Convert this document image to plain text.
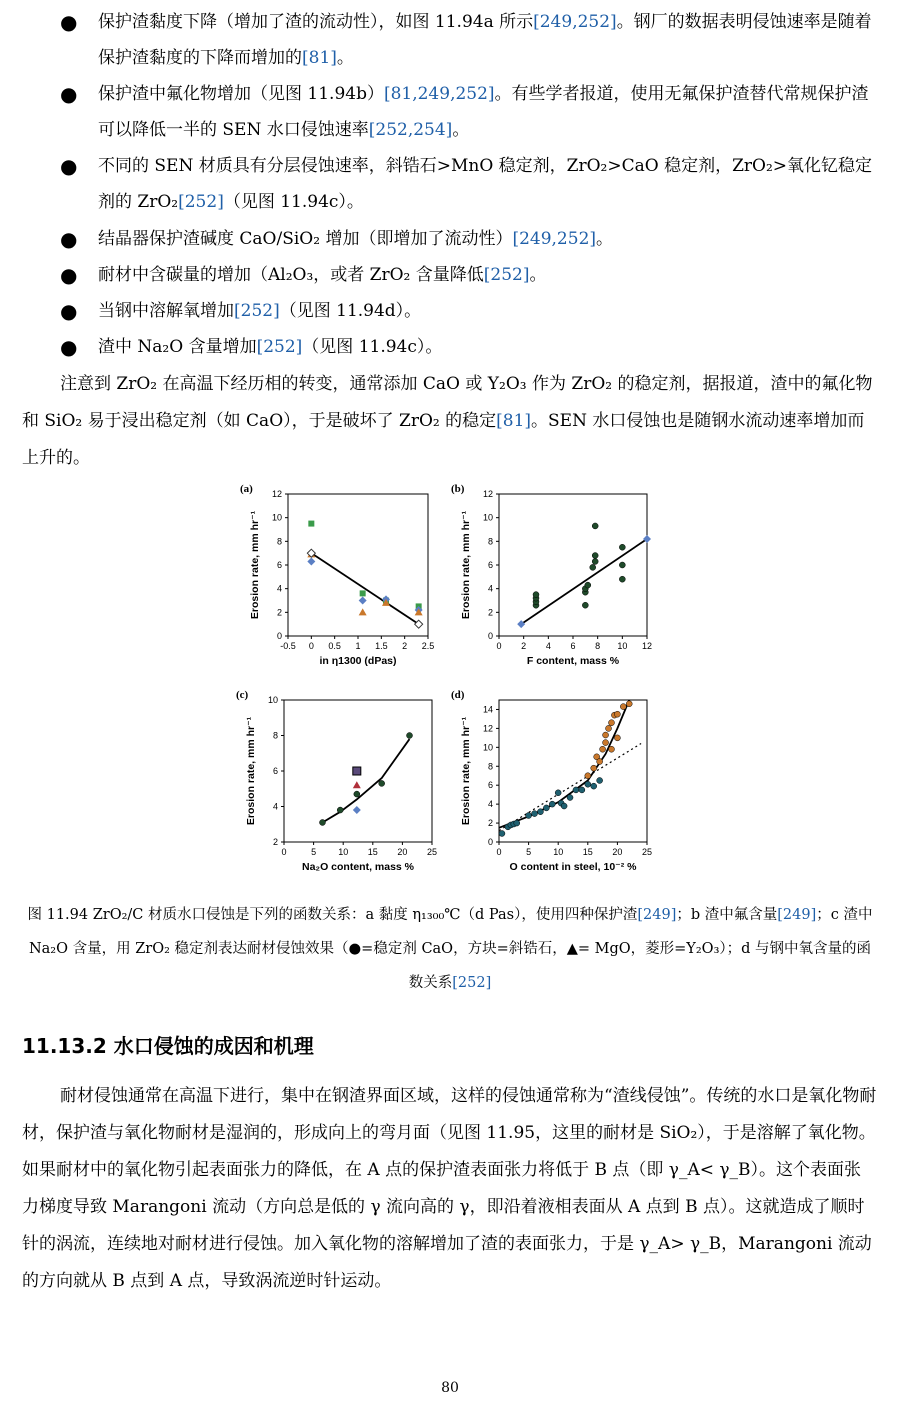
● 保护渣黏度下降（增加了渣的流动性），如图 11.94a 所示[249,252]。钢厂的数据表明侵蚀速率是随着保护渣黏度的下降而增加的[81]。
● 保护渣中氟化物增加（见图 11.94b）[81,249,252]。有些学者报道，使用无氟保护渣替代常规保护渣可以降低一半的 SEN 水口侵蚀速率[252,254]。
● 不同的 SEN 材质具有分层侵蚀速率，斜锆石>MnO 稳定剂，ZrO₂>CaO 稳定剂，ZrO₂>氧化钇稳定剂的 ZrO₂[252]（见图 11.94c）。
● 结晶器保护渣碱度 CaO/SiO₂ 增加（即增加了流动性）[249,252]。
● 耐材中含碳量的增加（Al₂O₃，或者 ZrO₂ 含量降低[252]。
● 当钢中溶解氧增加[252]（见图 11.94d）。
● 渣中 Na₂O 含量增加[252]（见图 11.94c）。
注意到 ZrO₂ 在高温下经历相的转变，通常添加 CaO 或 Y₂O₃ 作为 ZrO₂ 的稳定剂，据报道，渣中的氟化物和 SiO₂ 易于浸出稳定剂（如 CaO），于是破坏了 ZrO₂ 的稳定[81]。SEN 水口侵蚀也是随钢水流动速率增加而上升的。
-0.5 0 0.5 1 1.5 2 2.5
0
2
4
6
8
10
12
(a)
in η1300 (dPas)
Erosion rate, mm hr⁻¹
0 2 4 6 8 10 12
0
2
4
6
8
10
12
(b)
F content, mass %
Erosion rate, mm hr⁻¹
0	5 10 15 20 25
2
4
6
8
10
(c)
Na₂O content, mass %
Erosion rate, mm hr⁻¹
0	5 10 15 20 25
0
2
4
6
8
10
12
14
(d)
O content in steel, 10⁻² %
Erosion rate, mm hr⁻¹
图 11.94 ZrO₂/C 材质水口侵蚀是下列的函数关系：a 黏度 η₁₃₀₀℃（d Pas），使用四种保护渣[249]；b 渣中氟含量[249]；c 渣中 Na₂O 含量，用 ZrO₂ 稳定剂表达耐材侵蚀效果（●=稳定剂 CaO，方块=斜锆石，▲= MgO，菱形=Y₂O₃）；d 与钢中氧含量的函数关系[252]
11.13.2 水口侵蚀的成因和机理
耐材侵蚀通常在高温下进行，集中在钢渣界面区域，这样的侵蚀通常称为“渣线侵蚀”。传统的水口是氧化物耐材，保护渣与氧化物耐材是湿润的，形成向上的弯月面（见图 11.95，这里的耐材是 SiO₂），于是溶解了氧化物。如果耐材中的氧化物引起表面张力的降低，在 A 点的保护渣表面张力将低于 B 点（即 γ_A< γ_B）。这个表面张力梯度导致 Marangoni 流动（方向总是低的 γ 流向高的 γ，即沿着液相表面从 A 点到 B 点）。这就造成了顺时针的涡流，连续地对耐材进行侵蚀。加入氧化物的溶解增加了渣的表面张力，于是 γ_A> γ_B，Marangoni 流动的方向就从 B 点到 A 点，导致涡流逆时针运动。
80
